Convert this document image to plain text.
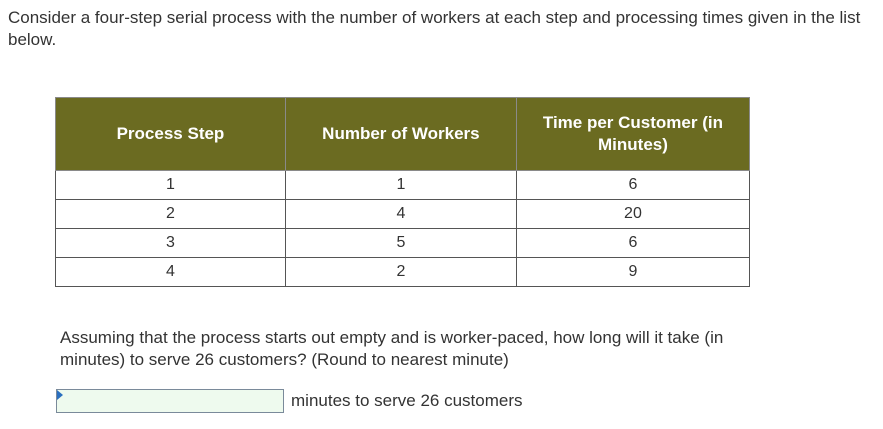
Consider a four-step serial process with the number of workers at each step and processing times given in the list below.
Process Step	Number of Workers	Time per Customer (in Minutes)
1	1	6
2	4	20
3	5	6
4	2	9
Assuming that the process starts out empty and is worker-paced, how long will it take (in minutes) to serve 26 customers? (Round to nearest minute)
minutes to serve 26 customers
